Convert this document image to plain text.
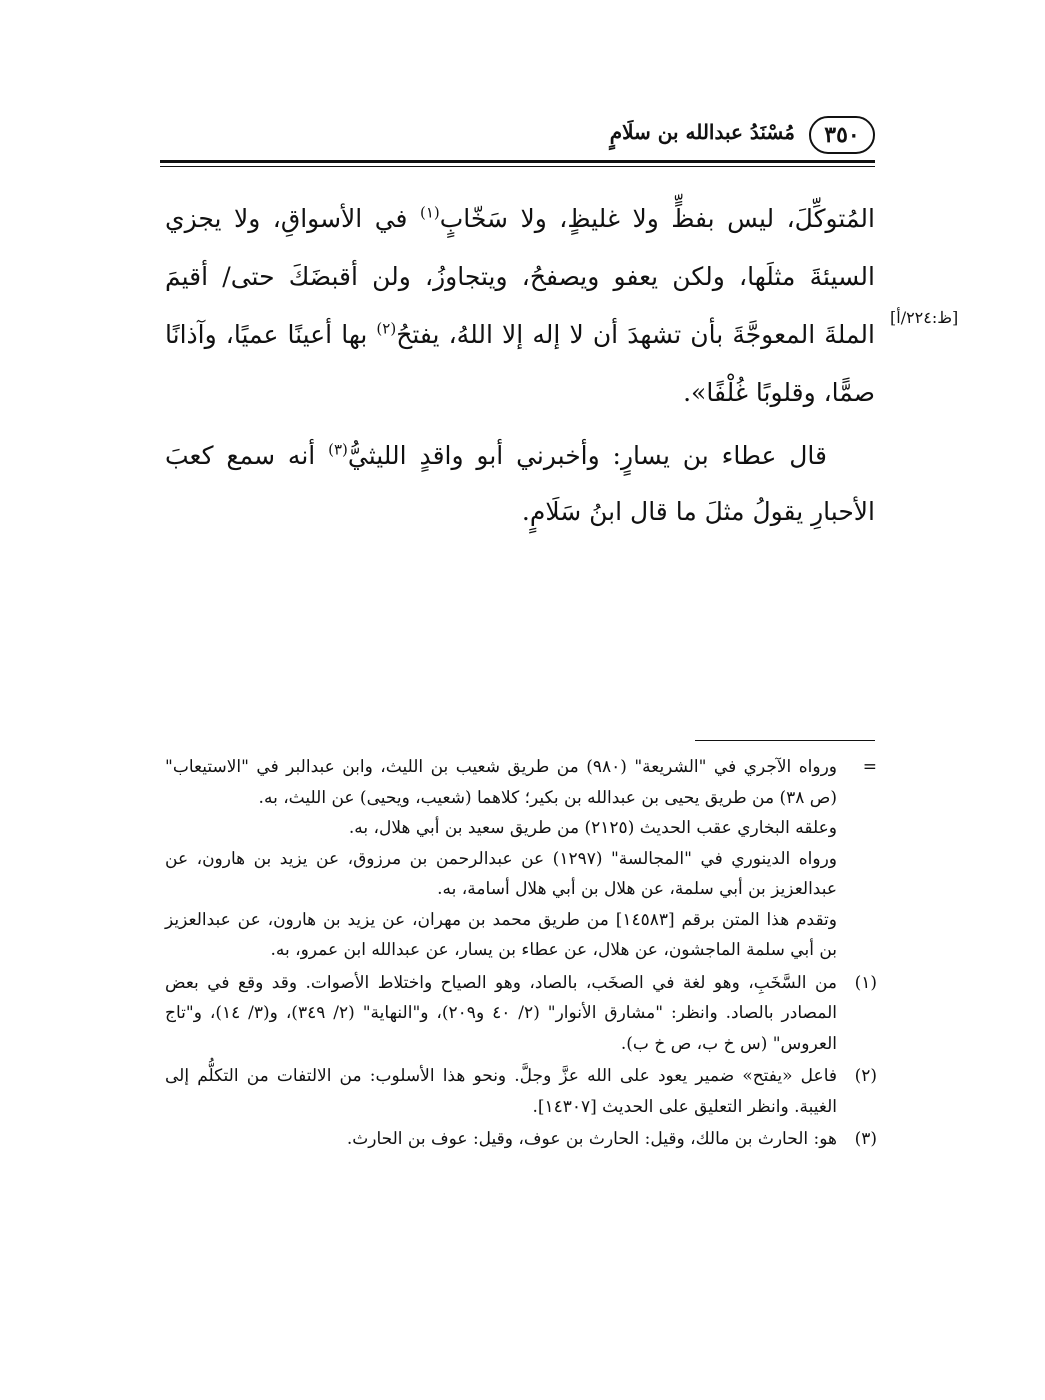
٣٥٠
مُسْنَدُ عبدالله بن سلَامٍ
[ظ:٢٢٤/أ]

المُتوكِّلَ، ليس بفظٍّ ولا غليظٍ، ولا سَخّابٍ$^{(١)}$ في الأسواقِ، ولا يجزي السيئةَ مثلَها، ولكن يعفو ويصفحُ، ويتجاوزُ، ولن أقبضَكَ حتى/ أقيمَ الملةَ المعوجَّةَ بأن تشهدَ أن لا إله إلا اللهُ، يفتحُ$^{(٢)}$ بها أعينًا عميًا، وآذانًا صمًّا، وقلوبًا غُلْفًا».

قال عطاء بن يسارٍ: وأخبرني أبو واقدٍ الليثيُّ$^{(٣)}$ أنه سمع كعبَ الأحبارِ يقولُ مثلَ ما قال ابنُ سَلَامٍ.

=
ورواه الآجري في "الشريعة" (٩٨٠) من طريق شعيب بن الليث، وابن عبدالبر في "الاستيعاب" (ص ٣٨) من طريق يحيى بن عبدالله بن بكير؛ كلاهما (شعيب، ويحيى) عن الليث، به.
وعلقه البخاري عقب الحديث (٢١٢٥) من طريق سعيد بن أبي هلال، به.
ورواه الدينوري في "المجالسة" (١٢٩٧) عن عبدالرحمن بن مرزوق، عن يزيد بن هارون، عن عبدالعزيز بن أبي سلمة، عن هلال بن أبي هلال أسامة، به.
وتقدم هذا المتن برقم [١٤٥٨٣] من طريق محمد بن مهران، عن يزيد بن هارون، عن عبدالعزيز بن أبي سلمة الماجشون، عن هلال، عن عطاء بن يسار، عن عبدالله ابن عمرو، به.
(١)
من السَّخَبِ، وهو لغة في الصخَب، بالصاد، وهو الصياح واختلاط الأصوات. وقد وقع في بعض المصادر بالصاد. وانظر: "مشارق الأنوار" (٢/ ٤٠ و٢٠٩)، و"النهاية" (٢/ ٣٤٩)، و(٣/ ١٤)، و"تاج العروس" (س خ ب، ص خ ب).
(٢)
فاعل «يفتح» ضمير يعود على الله عزَّ وجلَّ. ونحو هذا الأسلوب: من الالتفات من التكلُّم إلى الغيبة. وانظر التعليق على الحديث [١٤٣٠٧].
(٣)
هو: الحارث بن مالك، وقيل: الحارث بن عوف، وقيل: عوف بن الحارث.
